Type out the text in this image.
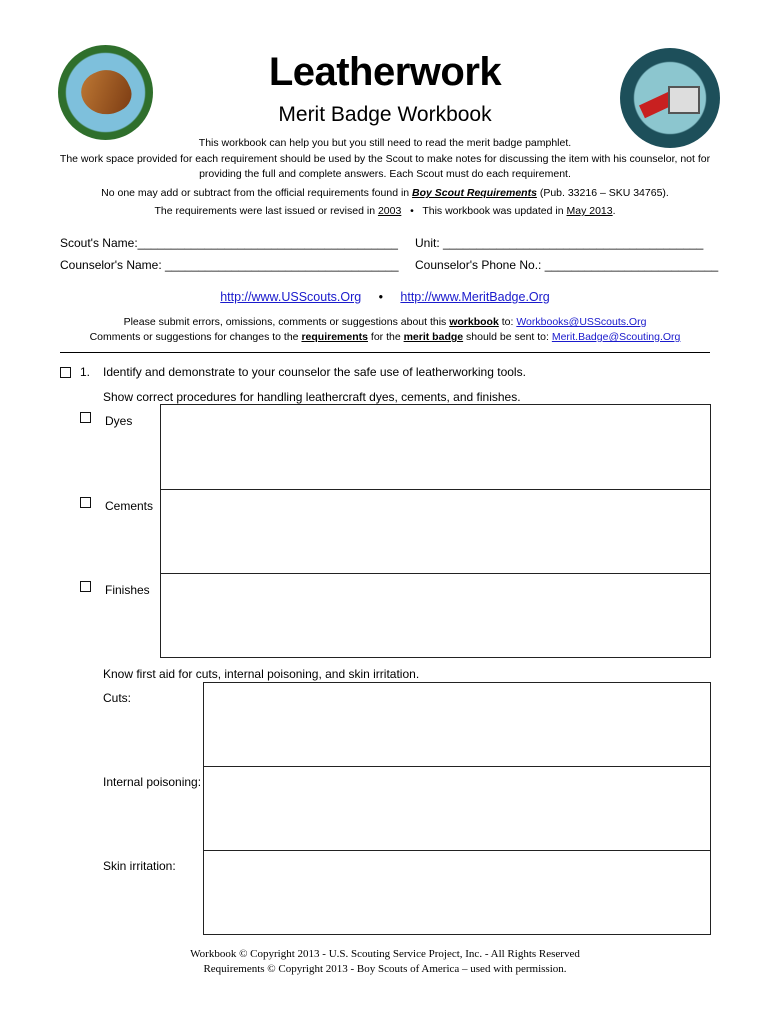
Leatherwork
Merit Badge Workbook
This workbook can help you but you still need to read the merit badge pamphlet.
The work space provided for each requirement should be used by the Scout to make notes for discussing the item with his counselor, not for
providing the full and complete answers. Each Scout must do each requirement.
No one may add or subtract from the official requirements found in Boy Scout Requirements (Pub. 33216 – SKU 34765).
The requirements were last issued or revised in 2003 • This workbook was updated in May 2013.
Scout's Name:_______________________________________ Unit: _______________________________________
Counselor's Name: ___________________________________ Counselor's Phone No.: __________________________
http://www.USScouts.Org • http://www.MeritBadge.Org
Please submit errors, omissions, comments or suggestions about this workbook to: Workbooks@USScouts.Org
Comments or suggestions for changes to the requirements for the merit badge should be sent to: Merit.Badge@Scouting.Org
1. Identify and demonstrate to your counselor the safe use of leatherworking tools.
Show correct procedures for handling leathercraft dyes, cements, and finishes.
Dyes
Cements
Finishes
Know first aid for cuts, internal poisoning, and skin irritation.
Cuts:
Internal poisoning:
Skin irritation:
Workbook © Copyright 2013 - U.S. Scouting Service Project, Inc. - All Rights Reserved
Requirements © Copyright 2013 - Boy Scouts of America – used with permission.
